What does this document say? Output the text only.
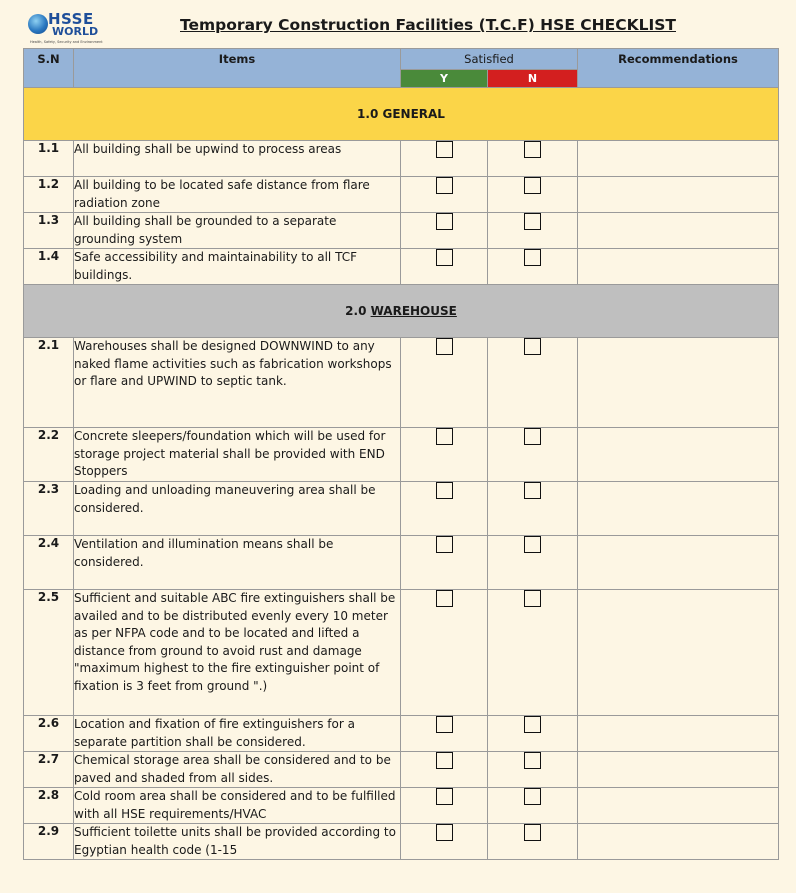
HSSE
WORLD
Health, Safety, Security and Environment
Temporary Construction Facilities (T.C.F) HSE CHECKLIST
S.N	Items	Satisfied		Recommendations
		Y	N	
1.0 GENERAL				
1.1	All building shall be upwind to process areas			
1.2	All building to be located safe distance from flare radiation zone			
1.3	All building shall be grounded to a separate grounding system			
1.4	Safe accessibility and maintainability to all TCF buildings.			
2.0 WAREHOUSE				
2.1	Warehouses shall be designed DOWNWIND to any naked flame activities such as fabrication workshops or flare and UPWIND to septic tank.			
2.2	Concrete sleepers/foundation which will be used for storage project material shall be provided with END Stoppers			
2.3	Loading and unloading maneuvering area shall be considered.			
2.4	Ventilation and illumination means shall be considered.			
2.5	Sufficient and suitable ABC fire extinguishers shall be availed and to be distributed evenly every 10 meter as per NFPA code and to be located and lifted a distance from ground to avoid rust and damage "maximum highest to the fire extinguisher point of fixation is 3 feet from ground ".)			
2.6	Location and fixation of fire extinguishers for a separate partition shall be considered.			
2.7	Chemical storage area shall be considered and to be paved and shaded from all sides.			
2.8	Cold room area shall be considered and to be fulfilled with all HSE requirements/HVAC			
2.9	Sufficient toilette units shall be provided according to Egyptian health code (1-15			
